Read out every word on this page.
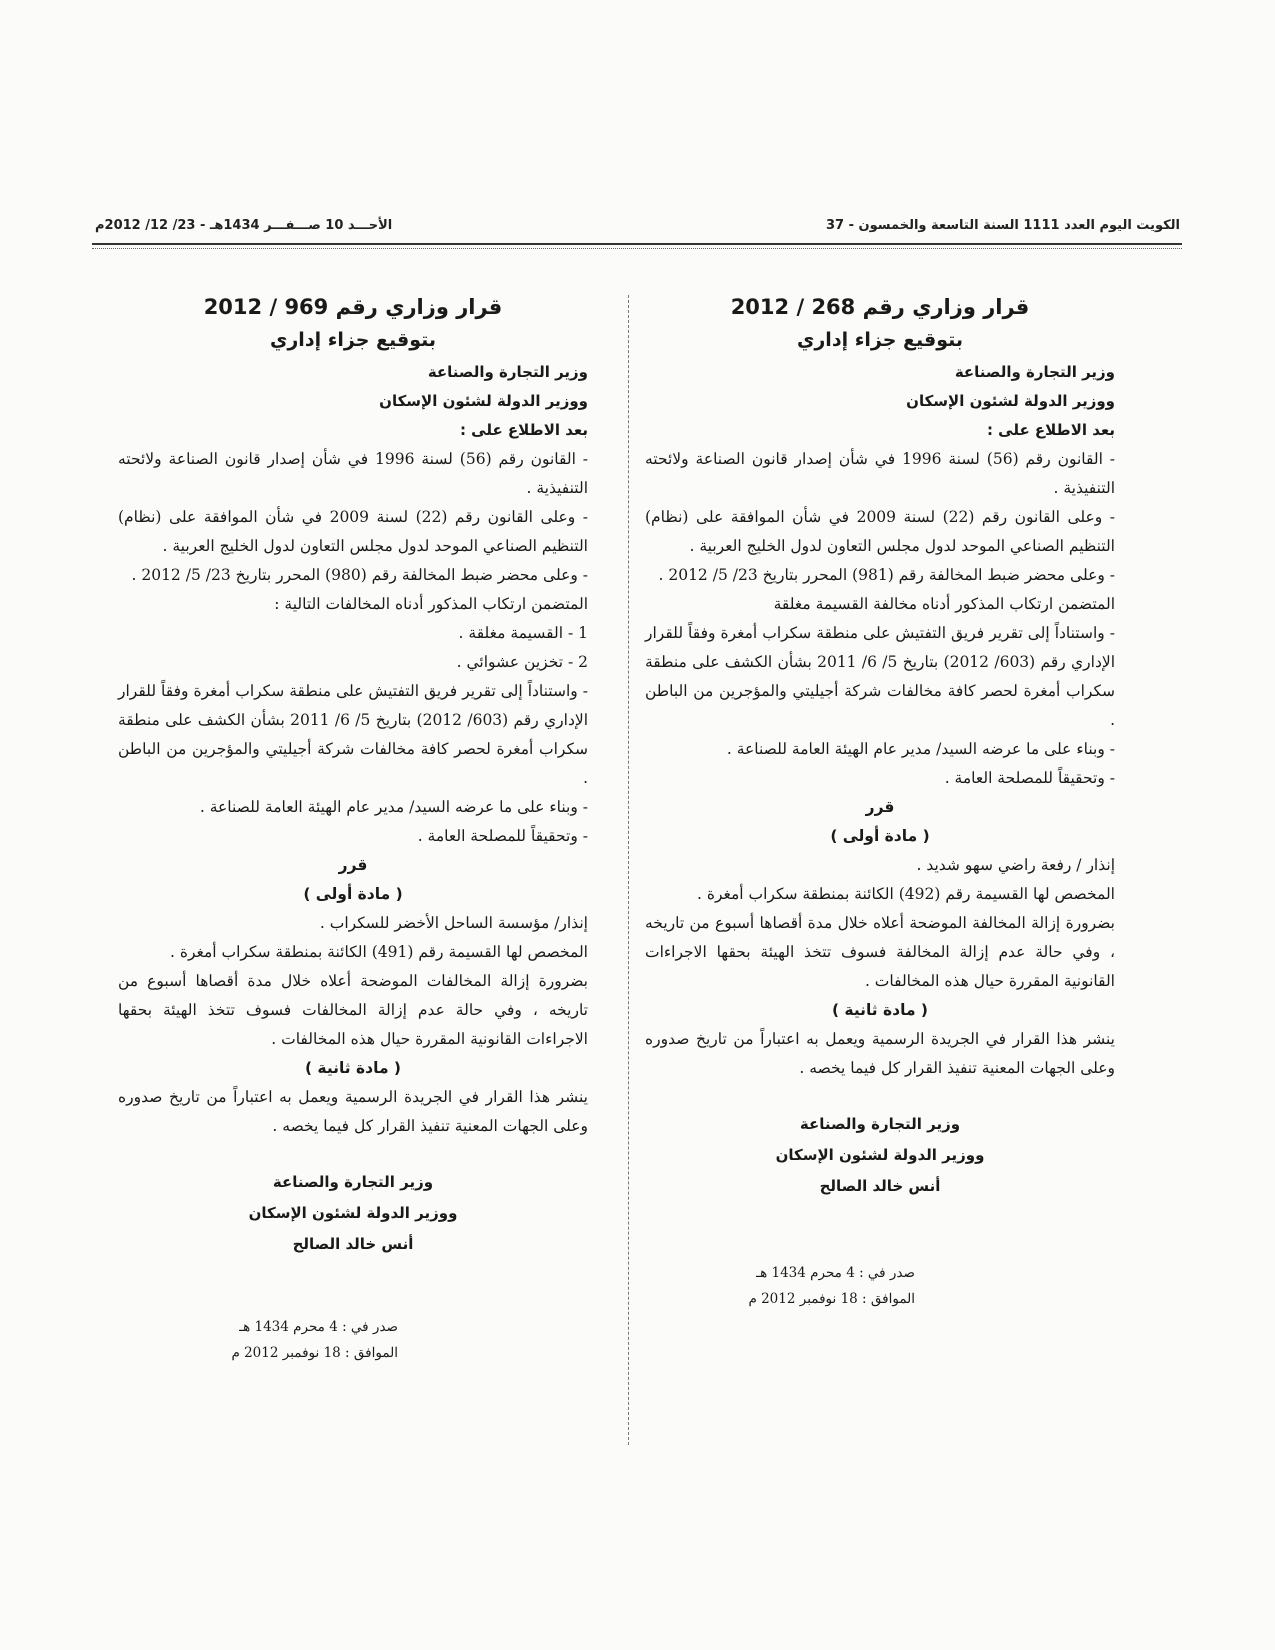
الكويت اليوم العدد 1111 السنة التاسعة والخمسون - 37
الأحـــد 10 صـــفـــر 1434هـ - 23/ 12/ 2012م
قرار وزاري رقم 268 / 2012
بتوقيع جزاء إداري

وزير التجارة والصناعة

ووزير الدولة لشئون الإسكان

بعد الاطلاع على :

- القانون رقم (56) لسنة 1996 في شأن إصدار قانون الصناعة ولائحته التنفيذية .

- وعلى القانون رقم (22) لسنة 2009 في شأن الموافقة على (نظام) التنظيم الصناعي الموحد لدول مجلس التعاون لدول الخليج العربية .

- وعلى محضر ضبط المخالفة رقم (981) المحرر بتاريخ 23/ 5/ 2012 .

المتضمن ارتكاب المذكور أدناه مخالفة القسيمة مغلقة

- واستناداً إلى تقرير فريق التفتيش على منطقة سكراب أمغرة وفقاً للقرار الإداري رقم (603/ 2012) بتاريخ 5/ 6/ 2011 بشأن الكشف على منطقة سكراب أمغرة لحصر كافة مخالفات شركة أجيليتي والمؤجرين من الباطن .

- وبناء على ما عرضه السيد/ مدير عام الهيئة العامة للصناعة .

- وتحقيقاً للمصلحة العامة .

قرر

( مادة أولى )

إنذار / رفعة راضي سهو شديد .

المخصص لها القسيمة رقم (492) الكائنة بمنطقة سكراب أمغرة .

بضرورة إزالة المخالفة الموضحة أعلاه خلال مدة أقصاها أسبوع من تاريخه ، وفي حالة عدم إزالة المخالفة فسوف تتخذ الهيئة بحقها الاجراءات القانونية المقررة حيال هذه المخالفات .

( مادة ثانية )

ينشر هذا القرار في الجريدة الرسمية ويعمل به اعتباراً من تاريخ صدوره وعلى الجهات المعنية تنفيذ القرار كل فيما يخصه .

وزير التجارة والصناعة
ووزير الدولة لشئون الإسكان
أنس خالد الصالح

صدر في : 4 محرم 1434 هـ

الموافق : 18 نوفمبر 2012 م

قرار وزاري رقم 969 / 2012
بتوقيع جزاء إداري

وزير التجارة والصناعة

ووزير الدولة لشئون الإسكان

بعد الاطلاع على :

- القانون رقم (56) لسنة 1996 في شأن إصدار قانون الصناعة ولائحته التنفيذية .

- وعلى القانون رقم (22) لسنة 2009 في شأن الموافقة على (نظام) التنظيم الصناعي الموحد لدول مجلس التعاون لدول الخليج العربية .

- وعلى محضر ضبط المخالفة رقم (980) المحرر بتاريخ 23/ 5/ 2012 .

المتضمن ارتكاب المذكور أدناه المخالفات التالية :

1 - القسيمة مغلقة .

2 - تخزين عشوائي .

- واستناداً إلى تقرير فريق التفتيش على منطقة سكراب أمغرة وفقاً للقرار الإداري رقم (603/ 2012) بتاريخ 5/ 6/ 2011 بشأن الكشف على منطقة سكراب أمغرة لحصر كافة مخالفات شركة أجيليتي والمؤجرين من الباطن .

- وبناء على ما عرضه السيد/ مدير عام الهيئة العامة للصناعة .

- وتحقيقاً للمصلحة العامة .

قرر

( مادة أولى )

إنذار/ مؤسسة الساحل الأخضر للسكراب .

المخصص لها القسيمة رقم (491) الكائنة بمنطقة سكراب أمغرة .

بضرورة إزالة المخالفات الموضحة أعلاه خلال مدة أقصاها أسبوع من تاريخه ، وفي حالة عدم إزالة المخالفات فسوف تتخذ الهيئة بحقها الاجراءات القانونية المقررة حيال هذه المخالفات .

( مادة ثانية )

ينشر هذا القرار في الجريدة الرسمية ويعمل به اعتباراً من تاريخ صدوره وعلى الجهات المعنية تنفيذ القرار كل فيما يخصه .

وزير التجارة والصناعة
ووزير الدولة لشئون الإسكان
أنس خالد الصالح

صدر في : 4 محرم 1434 هـ

الموافق : 18 نوفمبر 2012 م
